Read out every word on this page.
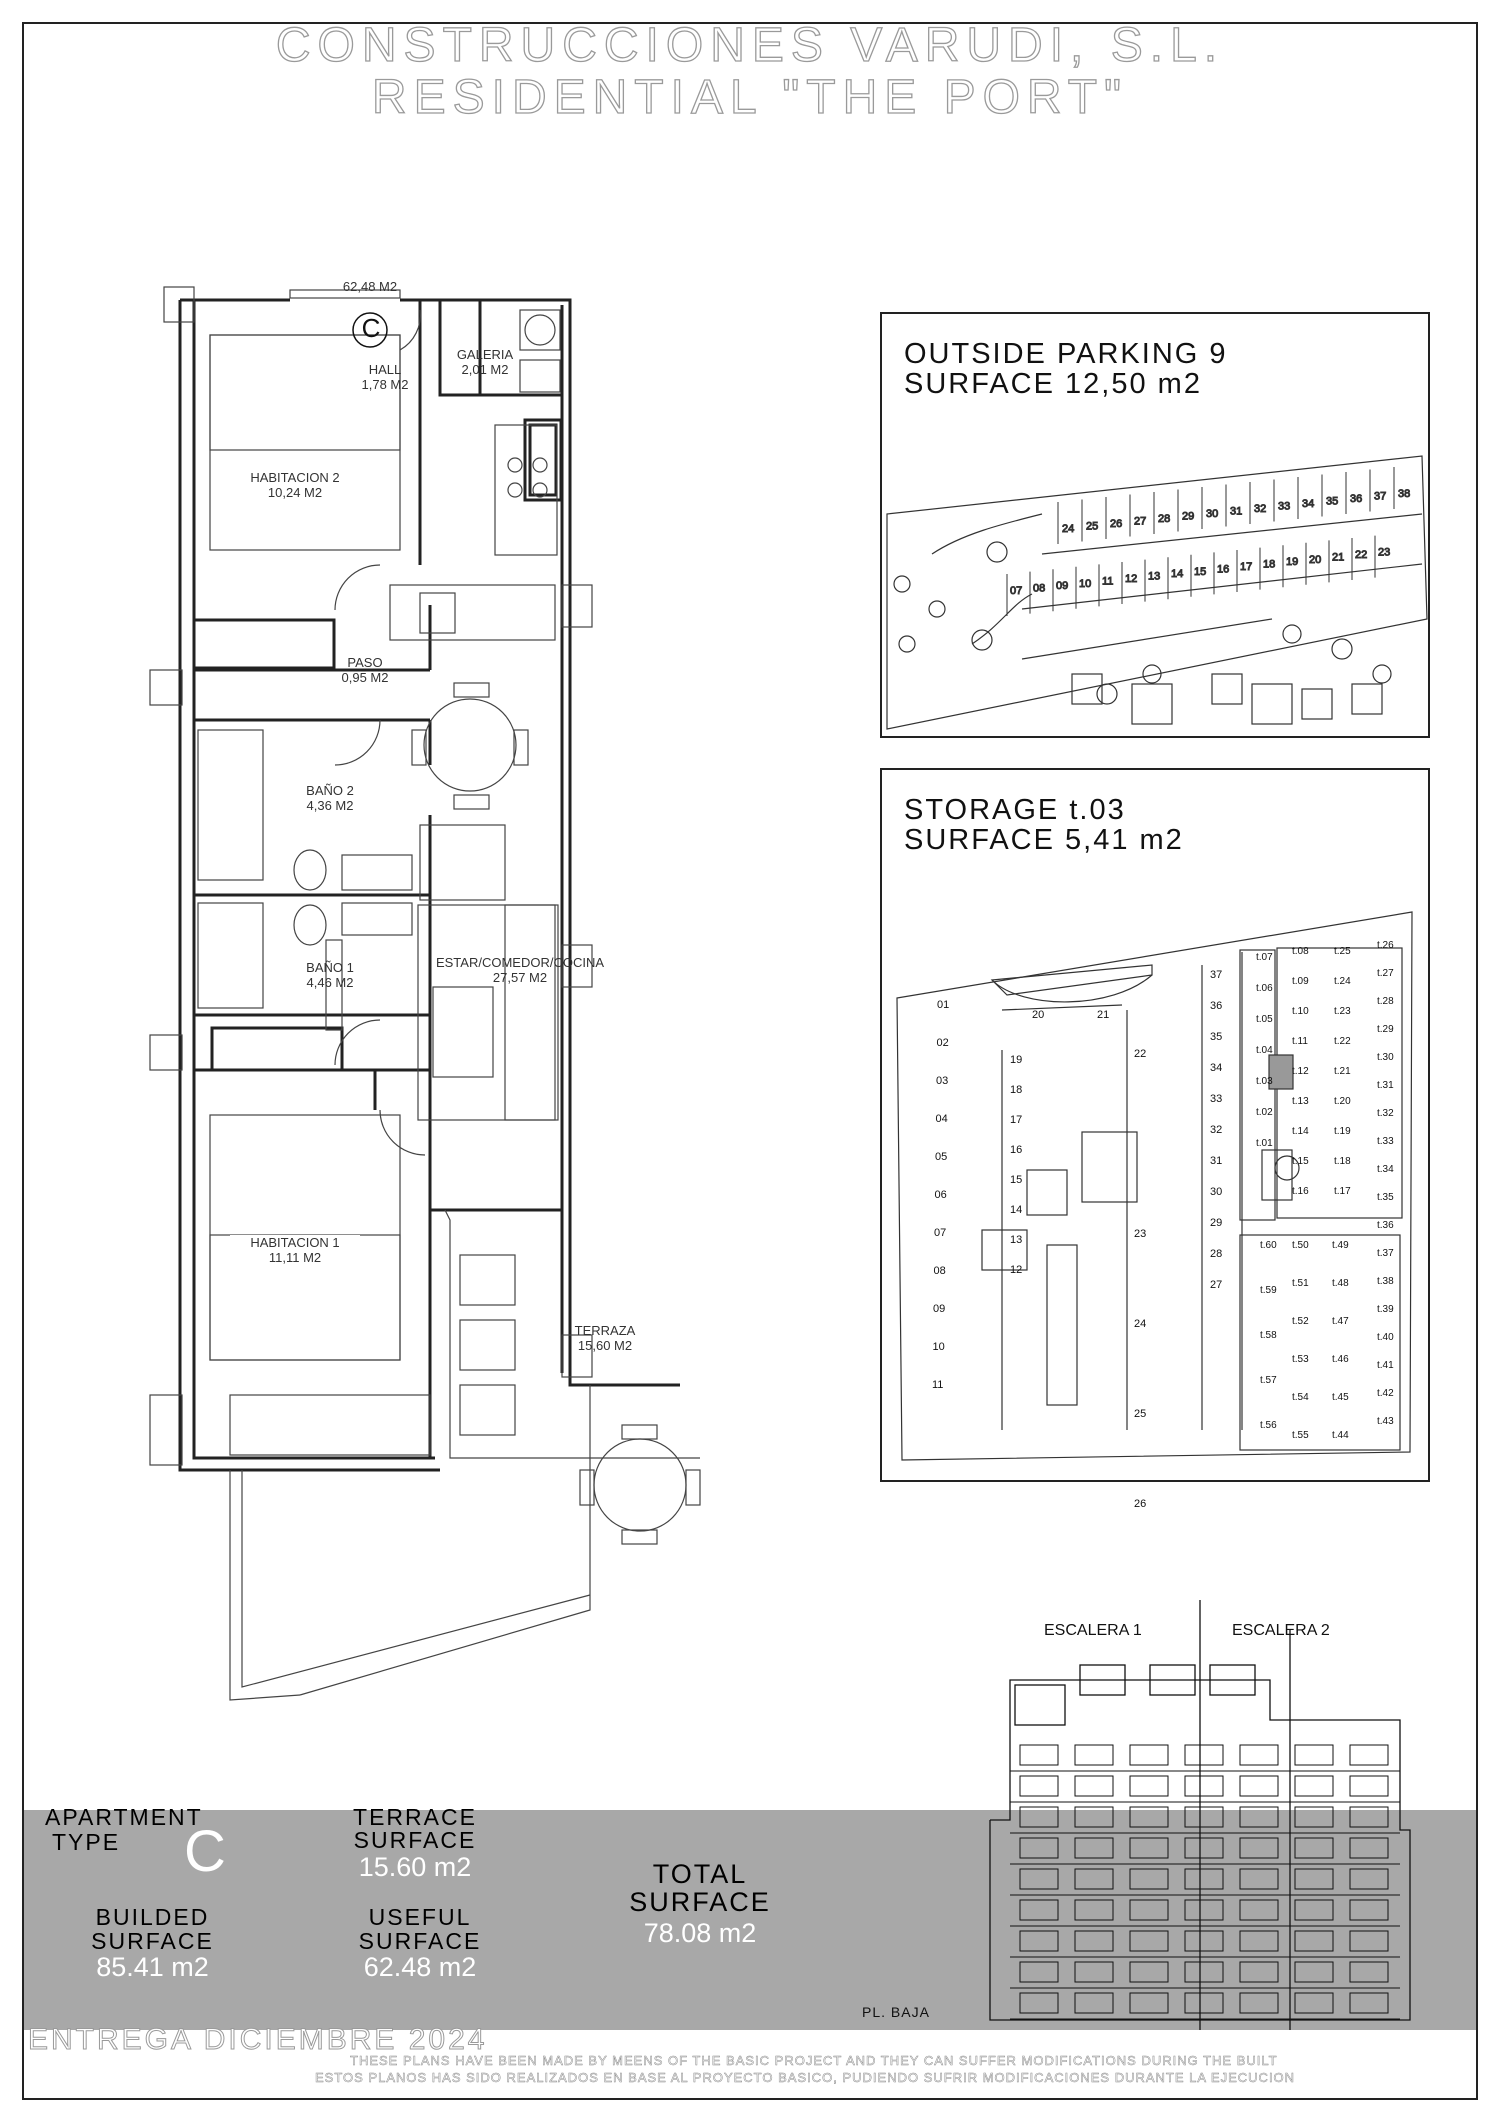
CONSTRUCCIONES VARUDI, S.L.
RESIDENTIAL "THE PORT"
62,48 M2
C
HALL
1,78 M2
GALERIA
2,01 M2
HABITACION 2
10,24 M2
PASO
0,95 M2
BAÑO 2
4,36 M2
BAÑO 1
4,46 M2
ESTAR/COMEDOR/COCINA
27,57 M2
HABITACION 1
11,11 M2
TERRAZA
15,60 M2
OUTSIDE PARKING 9
SURFACE 12,50 m2
24 25 26 27 28 29 30 31 32 33 34 35 36 37 38
07 08 09 10 11 12 13 14 15 16 17 18 19 20 21 22 23
STORAGE t.03
SURFACE 5,41 m2
01
02
03
04
05
06
07
08
09
10
11
19
18
17
16
15
14
13
12
22
23
24
25
26
37
36
35
34
33
32
31
30
29
28
27
20	21
t.07
t.06
t.05
t.04
t.03
t.02
t.01
t.08
t.09
t.10
t.11
t.12
t.13
t.14
t.15
t.16
t.25
t.24
t.23
t.22
t.21
t.20
t.19
t.18
t.17
t.26
t.27
t.28
t.29
t.30
t.31
t.32
t.33
t.34
t.35
t.36
t.37
t.38
t.39
t.40
t.41
t.42
t.43
t.60
t.59
t.58
t.57
t.56
t.50
t.51
t.52
t.53
t.54
t.55
t.49
t.48
t.47
t.46
t.45
t.44
ESCALERA 1	ESCALERA 2
PL. BAJA
APARTMENT
TYPE	C
TERRACE
SURFACE
15.60 m2	TOTAL
SURFACE
78.08 m2
BUILDED
SURFACE
85.41 m2
USEFUL
SURFACE
62.48 m2
ENTREGA DICIEMBRE 2024
THESE PLANS HAVE BEEN MADE BY MEENS OF THE BASIC PROJECT AND THEY CAN SUFFER MODIFICATIONS DURING THE BUILT
ESTOS PLANOS HAS SIDO REALIZADOS EN BASE AL PROYECTO BASICO, PUDIENDO SUFRIR MODIFICACIONES DURANTE LA EJECUCION
